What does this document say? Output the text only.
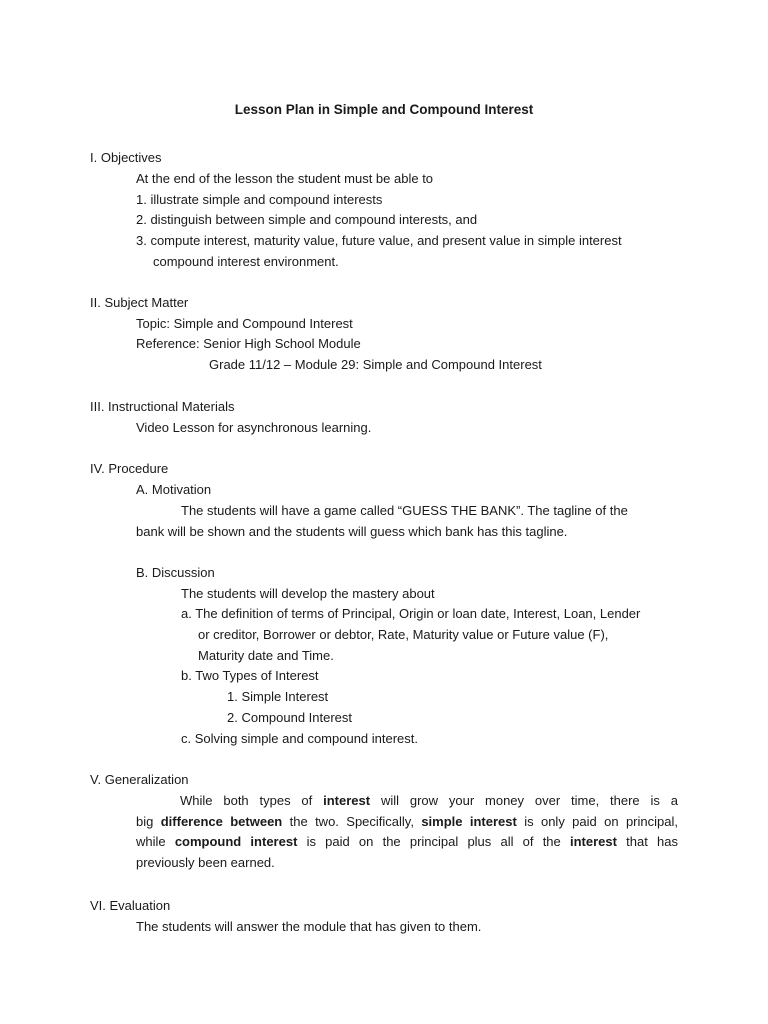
Lesson Plan in Simple and Compound Interest
I. Objectives
At the end of the lesson the student must be able to
1. illustrate simple and compound interests
2. distinguish between simple and compound interests, and
3. compute interest, maturity value, future value, and present value in simple interest
compound interest environment.
II. Subject Matter
Topic: Simple and Compound Interest
Reference: Senior High School Module
Grade 11/12 – Module 29: Simple and Compound Interest
III. Instructional Materials
Video Lesson for asynchronous learning.
IV. Procedure
A. Motivation
The students will have a game called “GUESS THE BANK”. The tagline of the
bank will be shown and the students will guess which bank has this tagline.
B. Discussion
The students will develop the mastery about
a. The definition of terms of Principal, Origin or loan date, Interest, Loan, Lender
or creditor, Borrower or debtor, Rate, Maturity value or Future value (F),
Maturity date and Time.
b. Two Types of Interest
1. Simple Interest
2. Compound Interest
c. Solving simple and compound interest.
V. Generalization
While both types of interest will grow your money over time, there is a
big difference between the two. Specifically, simple interest is only paid on principal,
while compound interest is paid on the principal plus all of the interest that has
previously been earned.
VI. Evaluation
The students will answer the module that has given to them.
